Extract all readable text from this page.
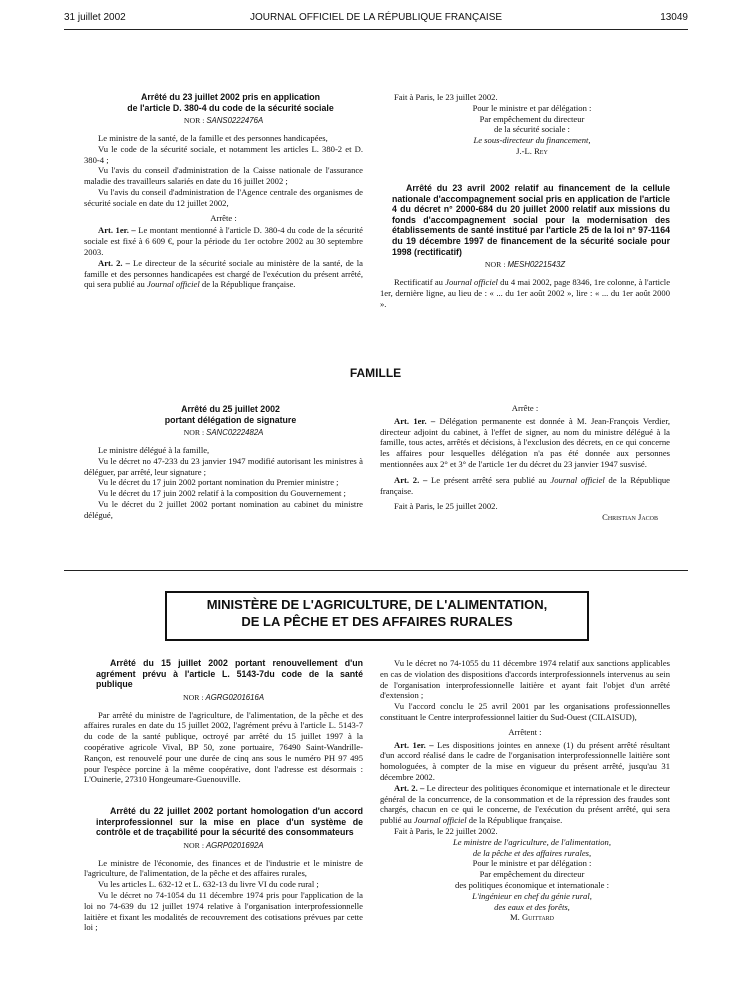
31 juillet 2002	JOURNAL OFFICIEL DE LA RÉPUBLIQUE FRANÇAISE	13049

Arrêté du 23 juillet 2002 pris en application

de l'article D. 380-4 du code de la sécurité sociale

NOR : SANS0222476A

Le ministre de la santé, de la famille et des personnes handicapées,

Vu le code de la sécurité sociale, et notamment les articles L. 380-2 et D. 380-4 ;

Vu l'avis du conseil d'administration de la Caisse nationale de l'assurance maladie des travailleurs salariés en date du 16 juillet 2002 ;

Vu l'avis du conseil d'administration de l'Agence centrale des organismes de sécurité sociale en date du 12 juillet 2002,

Arrête :

Art. 1er. – Le montant mentionné à l'article D. 380-4 du code de la sécurité sociale est fixé à 6 609 €, pour la période du 1er octobre 2002 au 30 septembre 2003.

Art. 2. – Le directeur de la sécurité sociale au ministère de la santé, de la famille et des personnes handicapées est chargé de l'exécution du présent arrêté, qui sera publié au Journal officiel de la République française.

Fait à Paris, le 23 juillet 2002.

Pour le ministre et par délégation :

Par empêchement du directeur

de la sécurité sociale :

Le sous-directeur du financement,

J.-L. Rey

Arrêté du 23 avril 2002 relatif au financement de la cellule nationale d'accompagnement social pris en application de l'article 4 du décret n° 2000-684 du 20 juillet 2000 relatif aux missions du fonds d'accompagnement social pour la modernisation des établissements de santé institué par l'article 25 de la loi n° 97-1164 du 19 décembre 1997 de financement de la sécurité sociale pour 1998 (rectificatif)

NOR : MESH0221543Z

Rectificatif au Journal officiel du 4 mai 2002, page 8346, 1re colonne, à l'article 1er, dernière ligne, au lieu de : « ... du 1er août 2002 », lire : « ... du 1er août 2000 ».

FAMILLE

Arrêté du 25 juillet 2002

portant délégation de signature

NOR : SANC0222482A

Le ministre délégué à la famille,

Vu le décret no 47-233 du 23 janvier 1947 modifié autorisant les ministres à déléguer, par arrêté, leur signature ;

Vu le décret du 17 juin 2002 portant nomination du Premier ministre ;

Vu le décret du 17 juin 2002 relatif à la composition du Gouvernement ;

Vu le décret du 2 juillet 2002 portant nomination au cabinet du ministre délégué,

Arrête :

Art. 1er. – Délégation permanente est donnée à M. Jean-François Verdier, directeur adjoint du cabinet, à l'effet de signer, au nom du ministre délégué à la famille, tous actes, arrêtés et décisions, à l'exclusion des décrets, en ce qui concerne les affaires pour lesquelles délégation n'a pas été donnée aux personnes mentionnées aux 2° et 3° de l'article 1er du décret du 23 janvier 1947 susvisé.

Art. 2. – Le présent arrêté sera publié au Journal officiel de la République française.

Fait à Paris, le 25 juillet 2002.

Christian Jacob

MINISTÈRE DE L'AGRICULTURE, DE L'ALIMENTATION,
DE LA PÊCHE ET DES AFFAIRES RURALES

Arrêté du 15 juillet 2002 portant renouvellement d'un agrément prévu à l'article L. 5143-7du code de la santé publique

NOR : AGRG0201616A

Par arrêté du ministre de l'agriculture, de l'alimentation, de la pêche et des affaires rurales en date du 15 juillet 2002, l'agrément prévu à l'article L. 5143-7 du code de la santé publique, octroyé par arrêté du 15 juillet 1997 à la coopérative agricole Vival, BP 50, zone portuaire, 76490 Saint-Wandrille-Rançon, est renouvelé pour une durée de cinq ans sous le numéro PH 97 495 pour l'espèce porcine à la même coopérative, dont l'adresse est désormais : L'Ouinerie, 27310 Hongeumare-Guenouville.

Arrêté du 22 juillet 2002 portant homologation d'un accord interprofessionnel sur la mise en place d'un système de contrôle et de traçabilité pour la sécurité des consommateurs

NOR : AGRP0201692A

Le ministre de l'économie, des finances et de l'industrie et le ministre de l'agriculture, de l'alimentation, de la pêche et des affaires rurales,

Vu les articles L. 632-12 et L. 632-13 du livre VI du code rural ;

Vu le décret no 74-1054 du 11 décembre 1974 pris pour l'application de la loi no 74-639 du 12 juillet 1974 relative à l'organisation interprofessionnelle laitière et fixant les modalités de recouvrement des cotisations prévues par cette loi ;

Vu le décret no 74-1055 du 11 décembre 1974 relatif aux sanctions applicables en cas de violation des dispositions d'accords interprofessionnels intervenus au sein de l'organisation interprofessionnelle laitière et ayant fait l'objet d'un arrêté d'extension ;

Vu l'accord conclu le 25 avril 2001 par les organisations professionnelles constituant le Centre interprofessionnel laitier du Sud-Ouest (CILAISUD),

Arrêtent :

Art. 1er. – Les dispositions jointes en annexe (1) du présent arrêté résultant d'un accord réalisé dans le cadre de l'organisation interprofessionnelle laitière sont homologuées, à compter de la mise en vigueur du présent arrêté, jusqu'au 31 décembre 2002.

Art. 2. – Le directeur des politiques économique et internationale et le directeur général de la concurrence, de la consommation et de la répression des fraudes sont chargés, chacun en ce qui le concerne, de l'exécution du présent arrêté, qui sera publié au Journal officiel de la République française.

Fait à Paris, le 22 juillet 2002.

Le ministre de l'agriculture, de l'alimentation,

de la pêche et des affaires rurales,

Pour le ministre et par délégation :

Par empêchement du directeur

des politiques économique et internationale :

L'ingénieur en chef du génie rural,

des eaux et des forêts,

M. Guittard
